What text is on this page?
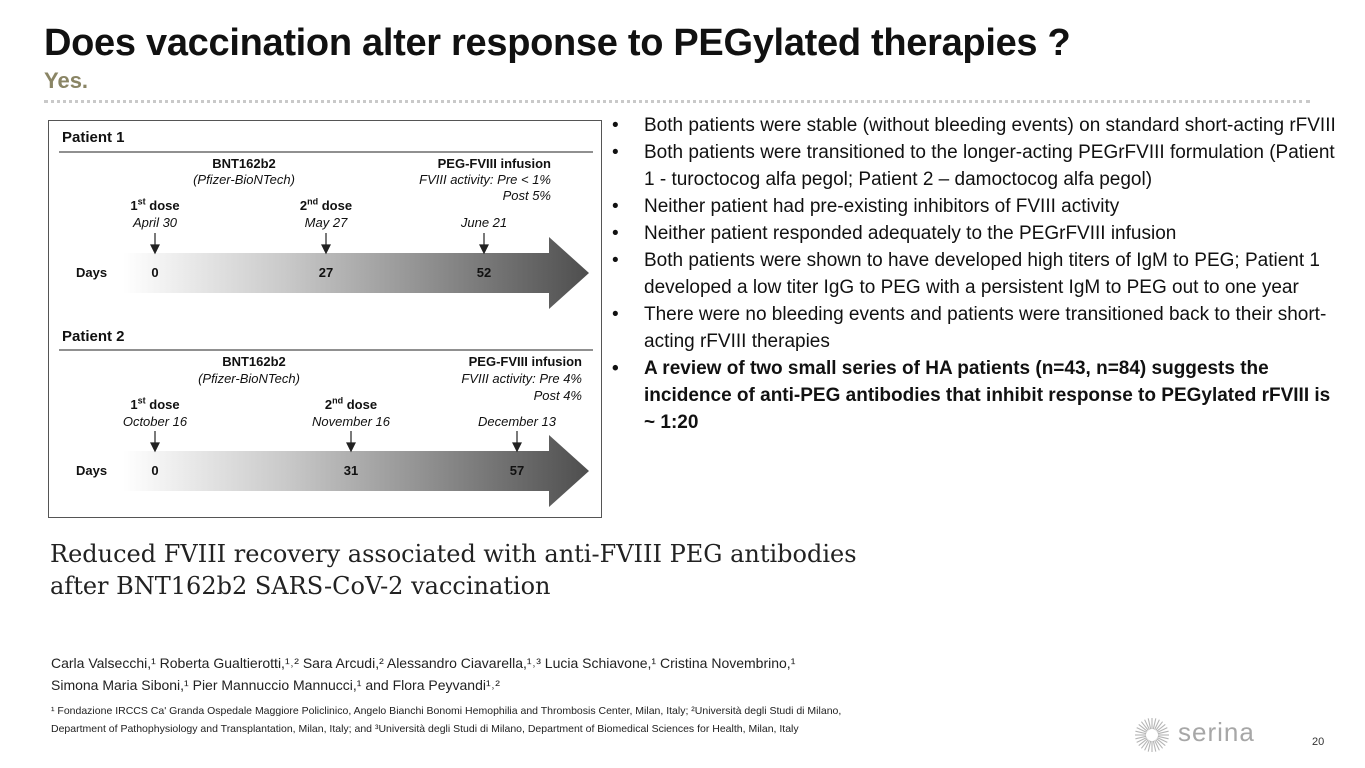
Does vaccination alter response to PEGylated therapies ?
Yes.
Patient 1
BNT162b2
(Pfizer-BioNTech)
PEG-FVIII infusion
FVIII activity: Pre < 1%
Post 5%
1st dose
April 30
2nd dose
May 27	June 21
Days	0	27	52
Patient 2
BNT162b2
(Pfizer-BioNTech)
PEG-FVIII infusion
FVIII activity: Pre 4%
Post 4%
1st dose
October 16
2nd dose
November 16	December 13
Days	0	31	57
• Both patients were stable (without bleeding events) on standard short-acting rFVIII
• Both patients were transitioned to the longer-acting PEGrFVIII formulation (Patient 1 - turoctocog alfa pegol; Patient 2 – damoctocog alfa pegol)
• Neither patient had pre-existing inhibitors of FVIII activity
• Neither patient responded adequately to the PEGrFVIII infusion
• Both patients were shown to have developed high titers of IgM to PEG; Patient 1 developed a low titer IgG to PEG with a persistent IgM to PEG out to one year
• There were no bleeding events and patients were transitioned back to their short-acting rFVIII therapies
• A review of two small series of HA patients (n=43, n=84) suggests the incidence of anti-PEG antibodies that inhibit response to PEGylated rFVIII is ~ 1:20
Reduced FVIII recovery associated with anti-FVIII PEG antibodies
after BNT162b2 SARS-CoV-2 vaccination
Carla Valsecchi,¹ Roberta Gualtierotti,¹˒² Sara Arcudi,² Alessandro Ciavarella,¹˒³ Lucia Schiavone,¹ Cristina Novembrino,¹
Simona Maria Siboni,¹ Pier Mannuccio Mannucci,¹ and Flora Peyvandi¹˒²
¹ Fondazione IRCCS Ca' Granda Ospedale Maggiore Policlinico, Angelo Bianchi Bonomi Hemophilia and Thrombosis Center, Milan, Italy; ²Università degli Studi di Milano,
Department of Pathophysiology and Transplantation, Milan, Italy; and ³Università degli Studi di Milano, Department of Biomedical Sciences for Health, Milan, Italy	serina	20
